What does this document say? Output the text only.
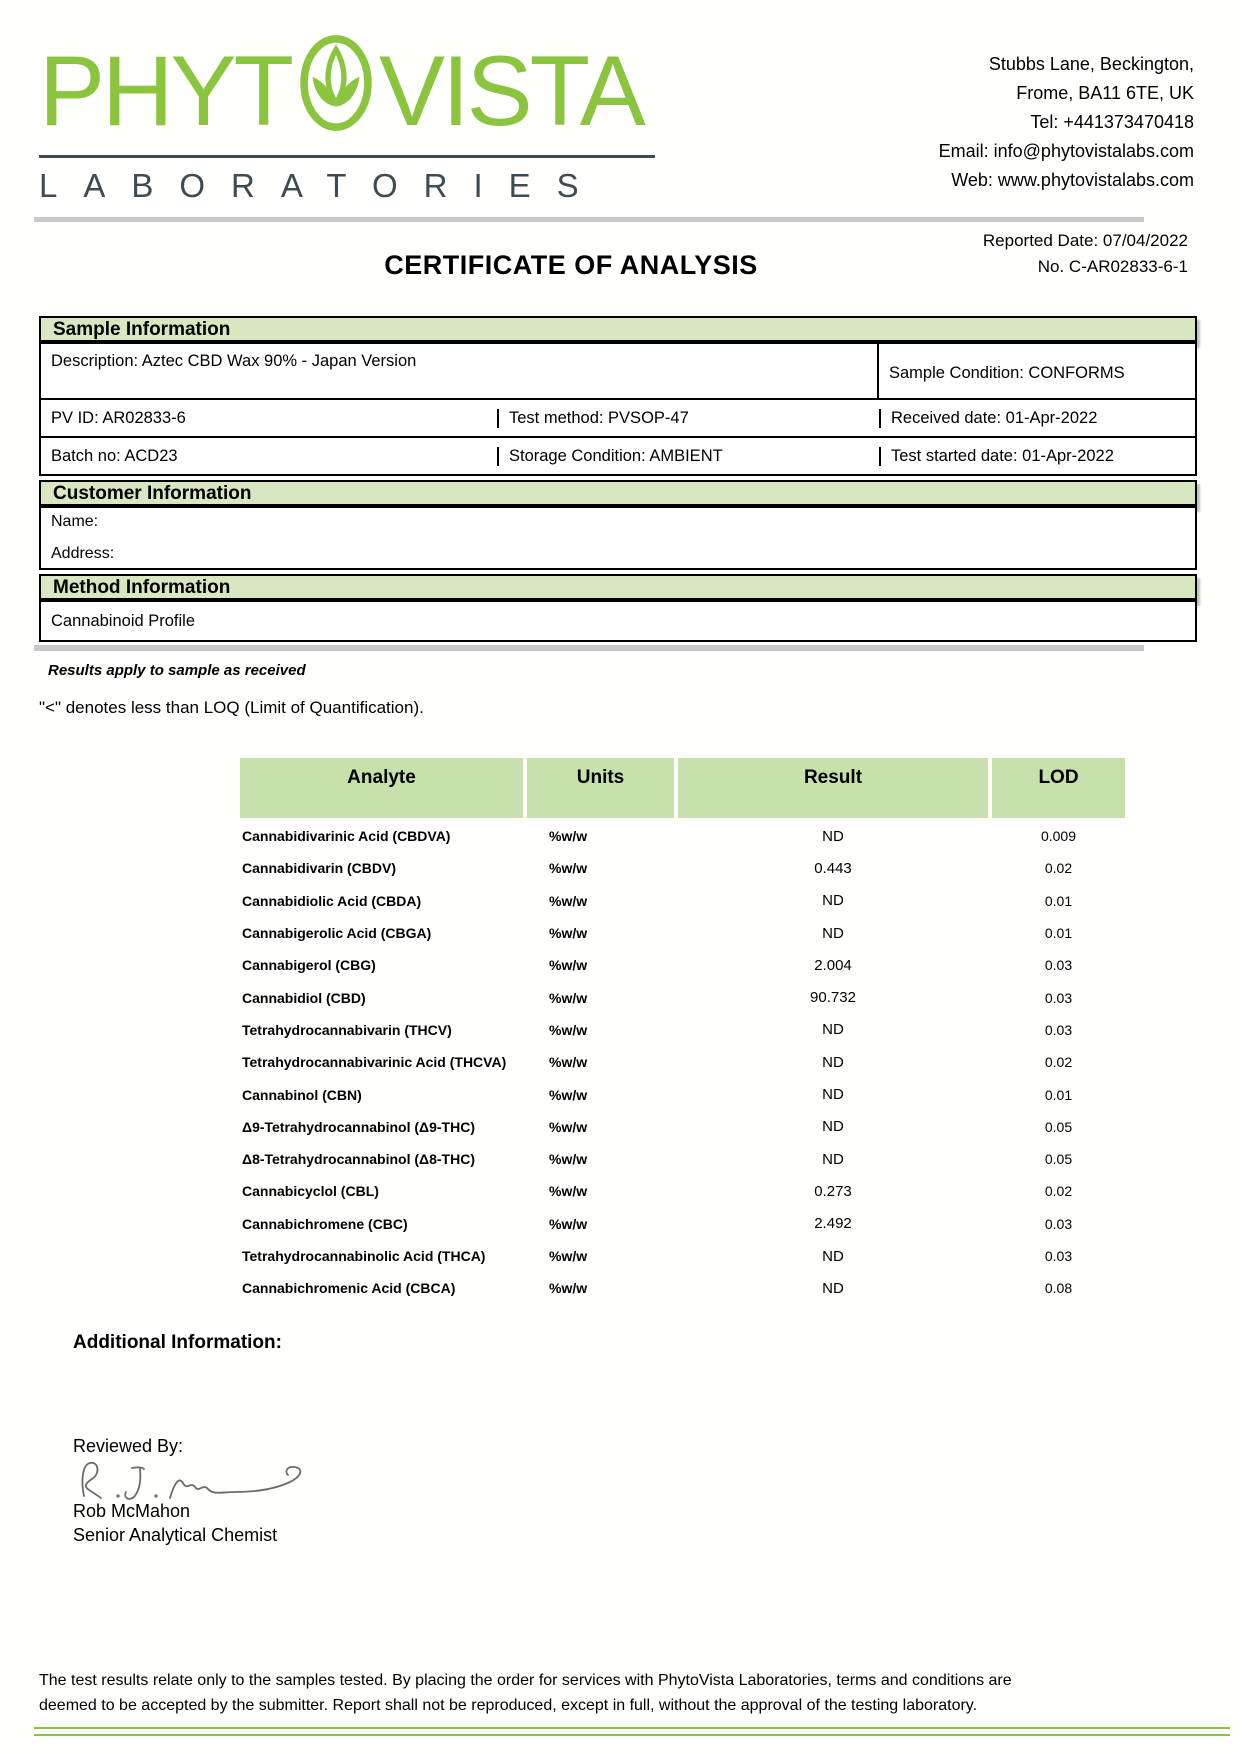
PHYT VISTA
LABORATORIES
Stubbs Lane, Beckington,
Frome, BA11 6TE, UK
Tel: +441373470418
Email: info@phytovistalabs.com
Web: www.phytovistalabs.com
Reported Date: 07/04/2022
No. C-AR02833-6-1
CERTIFICATE OF ANALYSIS
Sample Information
Description: Aztec CBD Wax 90% - Japan Version
Sample Condition: CONFORMS
PV ID: AR02833-6	Test method: PVSOP-47	Received date: 01-Apr-2022
Batch no: ACD23	Storage Condition: AMBIENT	Test started date: 01-Apr-2022
Customer Information
Name:
Address:
Method Information
Cannabinoid Profile
Results apply to sample as received
"<" denotes less than LOQ (Limit of Quantification).
Analyte	Units	Result	LOD
Cannabidivarinic Acid (CBDVA)	%w/w	ND	0.009
Cannabidivarin (CBDV)	%w/w	0.443	0.02
Cannabidiolic Acid (CBDA)	%w/w	ND	0.01
Cannabigerolic Acid (CBGA)	%w/w	ND	0.01
Cannabigerol (CBG)	%w/w	2.004	0.03
Cannabidiol (CBD)	%w/w	90.732	0.03
Tetrahydrocannabivarin (THCV)	%w/w	ND	0.03
Tetrahydrocannabivarinic Acid (THCVA)	%w/w	ND	0.02
Cannabinol (CBN)	%w/w	ND	0.01
Δ9-Tetrahydrocannabinol (Δ9-THC)	%w/w	ND	0.05
Δ8-Tetrahydrocannabinol (Δ8-THC)	%w/w	ND	0.05
Cannabicyclol (CBL)	%w/w	0.273	0.02
Cannabichromene (CBC)	%w/w	2.492	0.03
Tetrahydrocannabinolic Acid (THCA)	%w/w	ND	0.03
Cannabichromenic Acid (CBCA)	%w/w	ND	0.08
Additional Information:
Reviewed By:
Rob McMahon
Senior Analytical Chemist
The test results relate only to the samples tested. By placing the order for services with PhytoVista Laboratories, terms and conditions are
deemed to be accepted by the submitter. Report shall not be reproduced, except in full, without the approval of the testing laboratory.
